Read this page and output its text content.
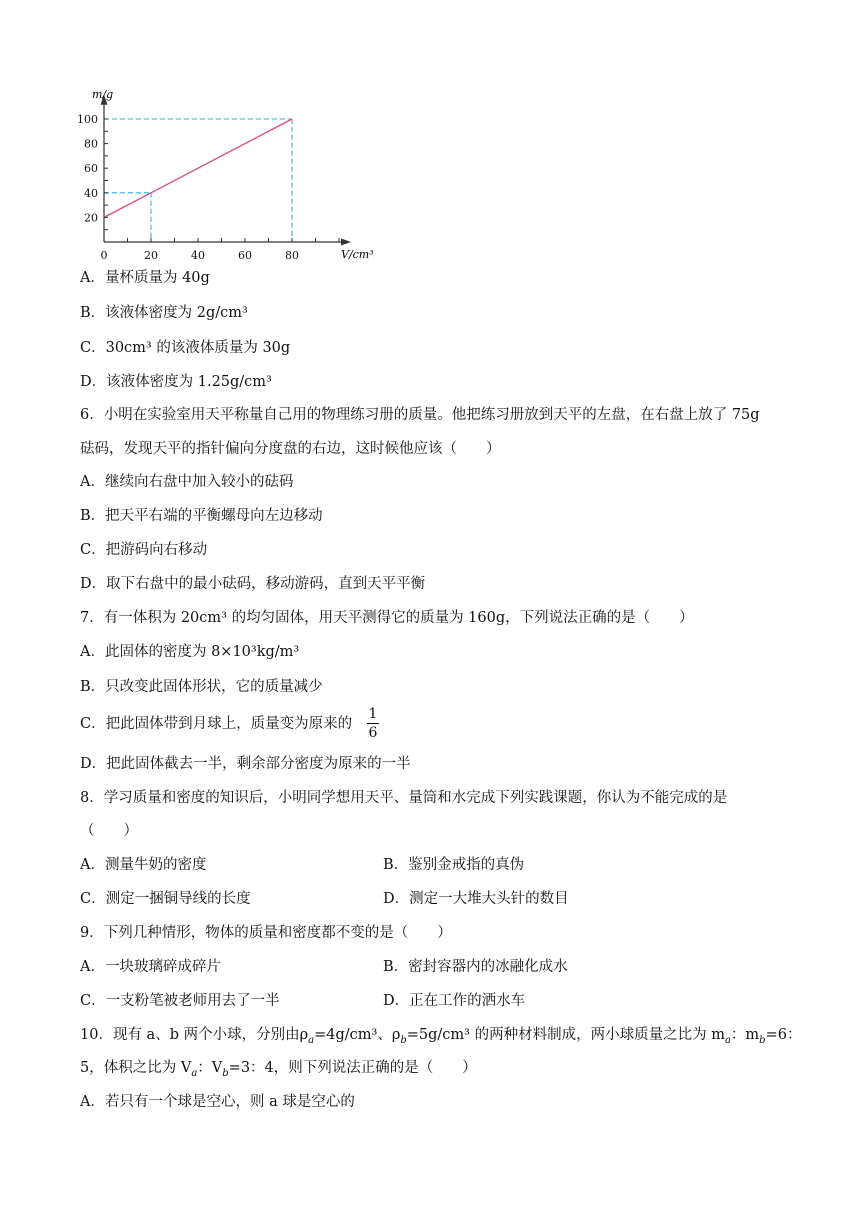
0	20	40	60	80
20
40
60
80
100
m/g
V/cm³
A．量杯质量为 40g
B．该液体密度为 2g/cm³
C．30cm³ 的该液体质量为 30g
D．该液体密度为 1.25g/cm³
6．小明在实验室用天平称量自己用的物理练习册的质量。他把练习册放到天平的左盘，在右盘上放了 75g
砝码，发现天平的指针偏向分度盘的右边，这时候他应该（　　）
A．继续向右盘中加入较小的砝码
B．把天平右端的平衡螺母向左边移动
C．把游码向右移动
D．取下右盘中的最小砝码，移动游码，直到天平平衡
7．有一体积为 20cm³ 的均匀固体，用天平测得它的质量为 160g，下列说法正确的是（　　）
A．此固体的密度为 8×10³kg/m³
B．只改变此固体形状，它的质量减少
C．把此固体带到月球上，质量变为原来的
1
6
D．把此固体截去一半，剩余部分密度为原来的一半
8．学习质量和密度的知识后，小明同学想用天平、量筒和水完成下列实践课题，你认为不能完成的是
（　　）
A．测量牛奶的密度	B．鉴别金戒指的真伪
C．测定一捆铜导线的长度	D．测定一大堆大头针的数目
9．下列几种情形，物体的质量和密度都不变的是（　　）
A．一块玻璃碎成碎片	B．密封容器内的冰融化成水
C．一支粉笔被老师用去了一半	D．正在工作的洒水车
10．现有 a、b 两个小球，分别由$\rho_a=4g$/cm³、$\rho_b=5g$/cm³ 的两种材料制成，两小球质量之比为 $m_a$：$m_b=6$：
5，体积之比为 $V_a$：$V_b=3$：4，则下列说法正确的是（　　）
A．若只有一个球是空心，则 a 球是空心的
